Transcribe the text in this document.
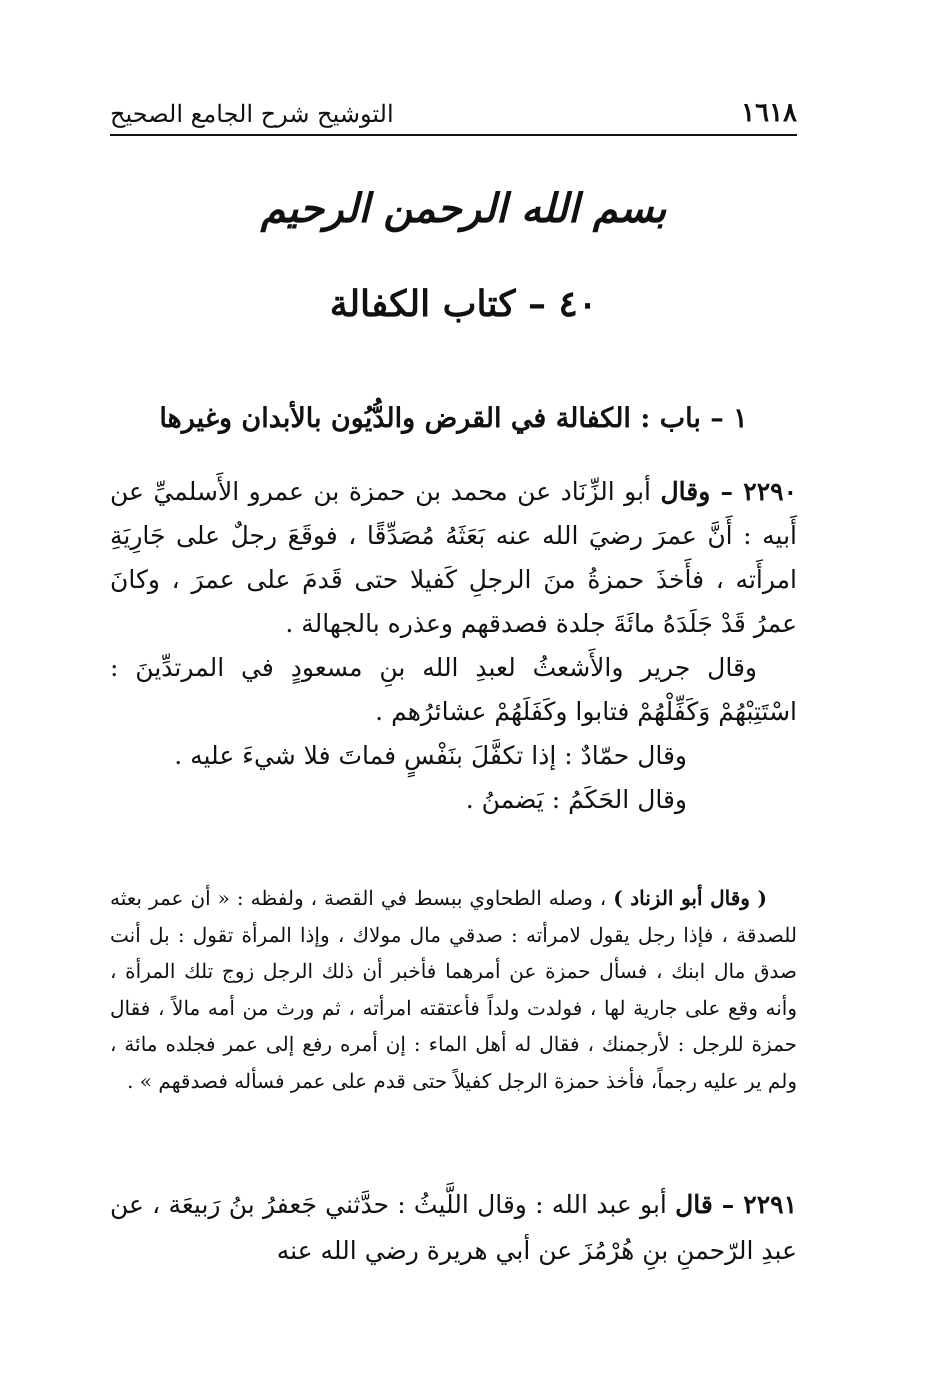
١٦١٨
التوشيح شرح الجامع الصحيح
بسم الله الرحمن الرحيم
٤٠ – كتاب الكفالة
١ – باب : الكفالة في القرض والدُّيُون بالأبدان وغيرها

٢٢٩٠ – وقال أبو الزِّنَاد عن محمد بن حمزة بن عمرو الأَسلميِّ عن أَبيه : أَنَّ عمرَ رضيَ الله عنه بَعَثَهُ مُصَدِّقًا ، فوقَعَ رجلٌ على جَارِيَةِ امرأَته ، فأَخذَ حمزةُ منَ الرجلِ كَفيلا حتى قَدمَ على عمرَ ، وكانَ عمرُ قَدْ جَلَدَهُ مائَةَ جلدة فصدقهم وعذره بالجهالة .

وقال جرير والأَشعثُ لعبدِ الله بنِ مسعودٍ في المرتدِّينَ : اسْتَتِبْهُمْ وَكَفِّلْهُمْ فتابوا وكَفَلَهُمْ عشائرُهم .

وقال حمّادٌ : إذا تكفَّلَ بنَفْسٍ فماتَ فلا شيءَ عليه .

وقال الحَكَمُ : يَضمنُ .

( وقال أبو الزناد ) ، وصله الطحاوي ببسط في القصة ، ولفظه : « أن عمر بعثه للصدقة ، فإذا رجل يقول لامرأته : صدقي مال مولاك ، وإذا المرأة تقول : بل أنت صدق مال ابنك ، فسأل حمزة عن أمرهما فأخبر أن ذلك الرجل زوج تلك المرأة ، وأنه وقع على جارية لها ، فولدت ولداً فأعتقته امرأته ، ثم ورث من أمه مالاً ، فقال حمزة للرجل : لأرجمنك ، فقال له أهل الماء : إن أمره رفع إلى عمر فجلده مائة ، ولم ير عليه رجماً، فأخذ حمزة الرجل كفيلاً حتى قدم على عمر فسأله فصدقهم » .

٢٢٩١ – قال أبو عبد الله : وقال اللَّيثُ : حدَّثني جَعفرُ بنُ رَبيعَة ، عن عبدِ الرّحمنِ بنِ هُرْمُزَ عن أبي هريرة رضي الله عنه
